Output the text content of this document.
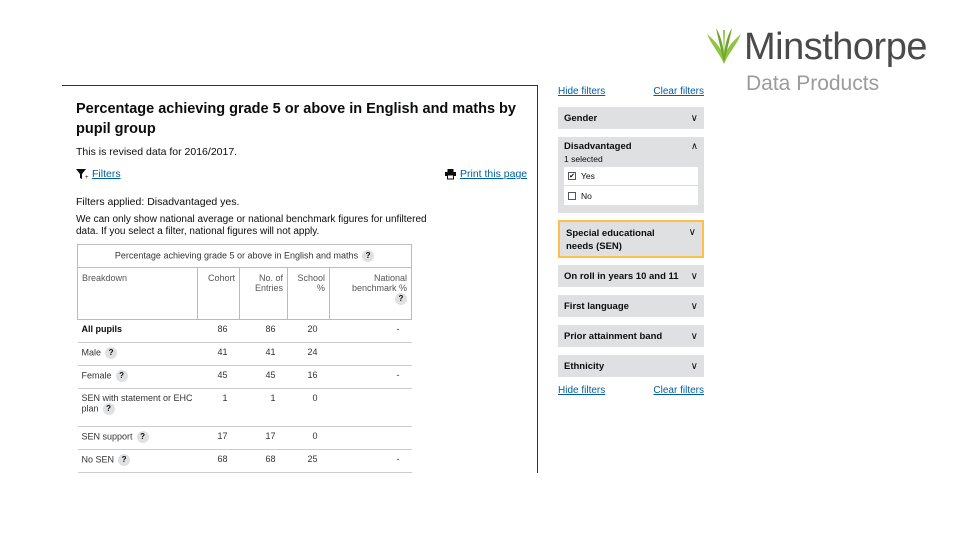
Minsthorpe
Data Products
Percentage achieving grade 5 or above in English and maths by pupil group
This is revised data for 2016/2017.
+ Filters	Print this page
Filters applied: Disadvantaged yes.
We can only show national average or national benchmark figures for unfiltered data. If you select a filter, national figures will not apply.
Percentage achieving grade 5 or above in English and maths ?				
Breakdown	Cohort	No. of Entries	School %	National benchmark %
?
All pupils	86	86	20	-
Male ?	41	41	24	
Female ?	45	45	16	-
SEN with statement or EHC plan ?	1	1	0	
SEN support ?	17	17	0	
No SEN ?	68	68	25	-
Hide filters	Clear filters
Gender	∨
Disadvantaged	∧
1 selected
✔ Yes
No
Special educational needs (SEN)
∨
On roll in years 10 and 11 ∨
First language	∨
Prior attainment band	∨
Ethnicity	∨
Hide filters	Clear filters
